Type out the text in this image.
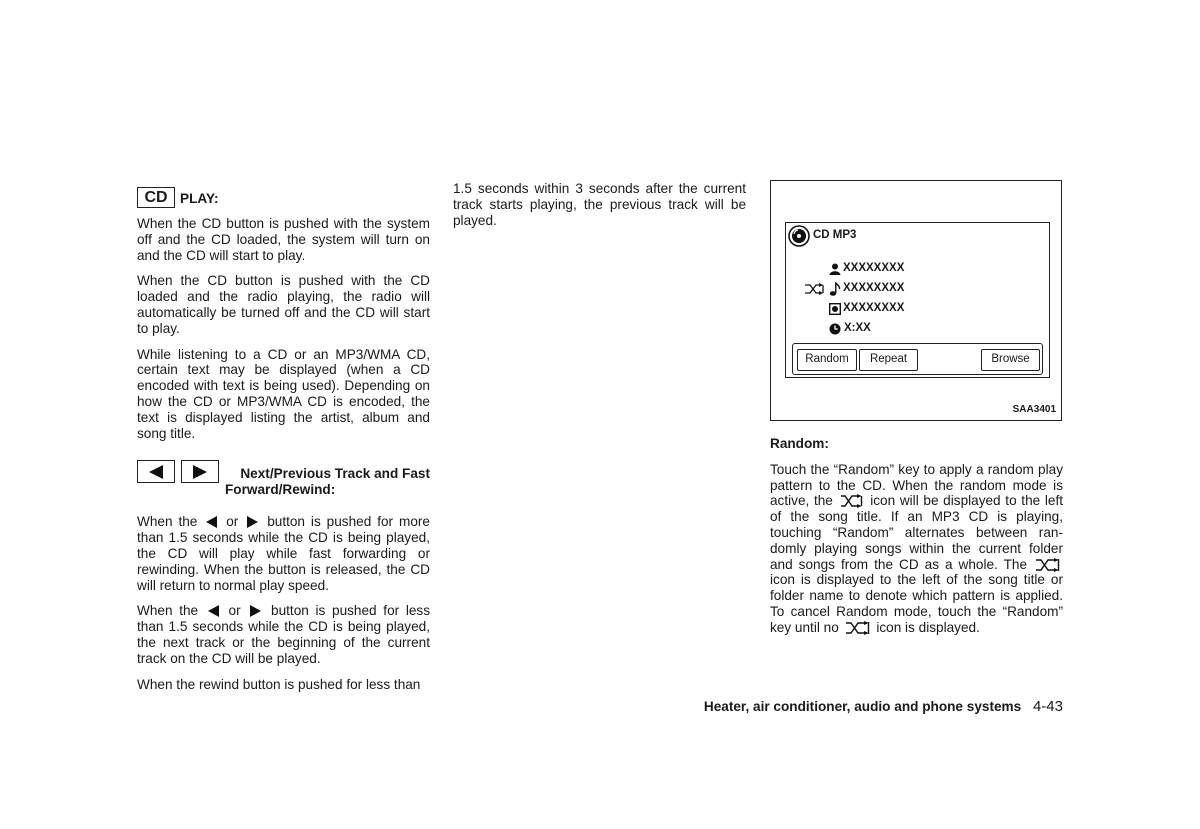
CD PLAY:

When the CD button is pushed with the system off and the CD loaded, the system will turn on and the CD will start to play.

When the CD button is pushed with the CD loaded and the radio playing, the radio will automatically be turned off and the CD will start to play.

While listening to a CD or an MP3/WMA CD, certain text may be displayed (when a CD encoded with text is being used). Depending on how the CD or MP3/WMA CD is encoded, the text is displayed listing the artist, album and song title.

Next/Previous Track and Fast
Forward/Rewind:

When the or button is pushed for more than 1.5 seconds while the CD is being played, the CD will play while fast forwarding or rewinding. When the button is released, the CD will return to normal play speed.

When the or button is pushed for less than 1.5 seconds while the CD is being played, the next track or the beginning of the current track on the CD will be played.

When the rewind button is pushed for less than

1.5 seconds within 3 seconds after the current track starts playing, the previous track will be played.

CD MP3
XXXXXXXX
XXXXXXXX
XXXXXXXX
X:XX
Random	Repeat	Browse
SAA3401
Random:
Touch the “Random” key to apply a random play
pattern to the CD. When the random mode is
active, the	icon will be displayed to the left
of the song title. If an MP3 CD is playing,
touching “Random” alternates between ran-
domly playing songs within the current folder
and songs from the CD as a whole. The
icon is displayed to the left of the song title or
folder name to denote which pattern is applied.
To cancel Random mode, touch the “Random”
key until no	icon is displayed.
Heater, air conditioner, audio and phone systems 4-43
